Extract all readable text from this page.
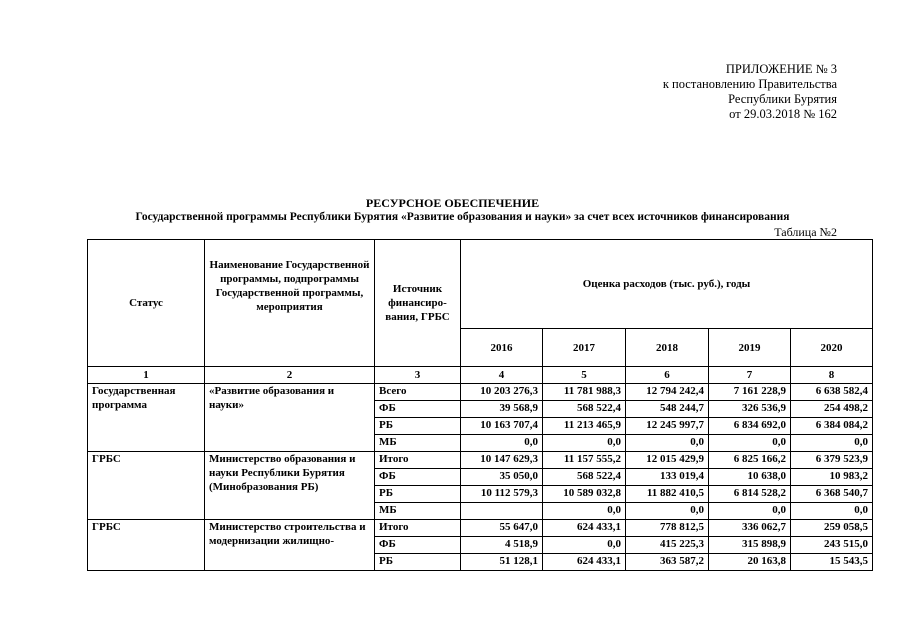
ПРИЛОЖЕНИЕ № 3
к постановлению Правительства
Республики Бурятия
от 29.03.2018 № 162
РЕСУРСНОЕ ОБЕСПЕЧЕНИЕ
Государственной программы Республики Бурятия «Развитие образования и науки» за счет всех источников финансирования
Таблица №2
Статус	Наименование Государственной программы, подпрограммы Государственной программы, мероприятия	Источник финансиро-вания, ГРБС	Оценка расходов (тыс. руб.), годы				
			2016	2017	2018	2019	2020
1	2	3	4	5	6	7	8
Государственная программа	«Развитие образования и науки»	Всего	10 203 276,3	11 781 988,3	12 794 242,4	7 161 228,9	6 638 582,4
		ФБ	39 568,9	568 522,4	548 244,7	326 536,9	254 498,2
		РБ	10 163 707,4	11 213 465,9	12 245 997,7	6 834 692,0	6 384 084,2
		МБ	0,0	0,0	0,0	0,0	0,0
ГРБС	Министерство образования и науки Республики Бурятия (Минобразования РБ)	Итого	10 147 629,3	11 157 555,2	12 015 429,9	6 825 166,2	6 379 523,9
		ФБ	35 050,0	568 522,4	133 019,4	10 638,0	10 983,2
		РБ	10 112 579,3	10 589 032,8	11 882 410,5	6 814 528,2	6 368 540,7
		МБ		0,0	0,0	0,0	0,0
ГРБС	Министерство строительства и модернизации жилищно-	Итого	55 647,0	624 433,1	778 812,5	336 062,7	259 058,5
		ФБ	4 518,9	0,0	415 225,3	315 898,9	243 515,0
		РБ	51 128,1	624 433,1	363 587,2	20 163,8	15 543,5
